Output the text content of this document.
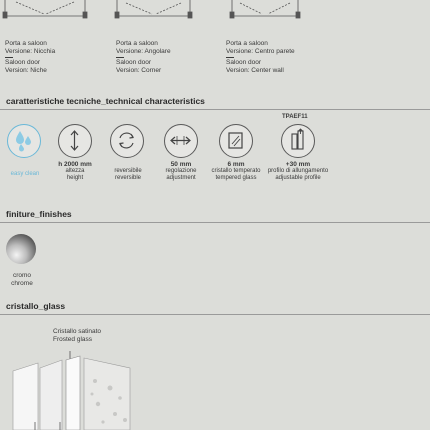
Porta a saloon
Versione: Nicchia
Saloon door
Version: Niche
Porta a saloon
Versione: Angolare
Saloon door
Version: Corner
Porta a saloon
Versione: Centro parete
Saloon door
Version: Center wall
caratteristiche tecniche_technical characteristics
TPAEF11
easy clean
h 2000 mm
altezza
height
reversibile
reversible
50 mm
regolazione
adjustment
6 mm
cristallo temperato
tempered glass
+30 mm
profilo di allungamento
adjustable profile
finiture_finishes
cromo
chrome
cristallo_glass
Cristallo satinato
Frosted glass
